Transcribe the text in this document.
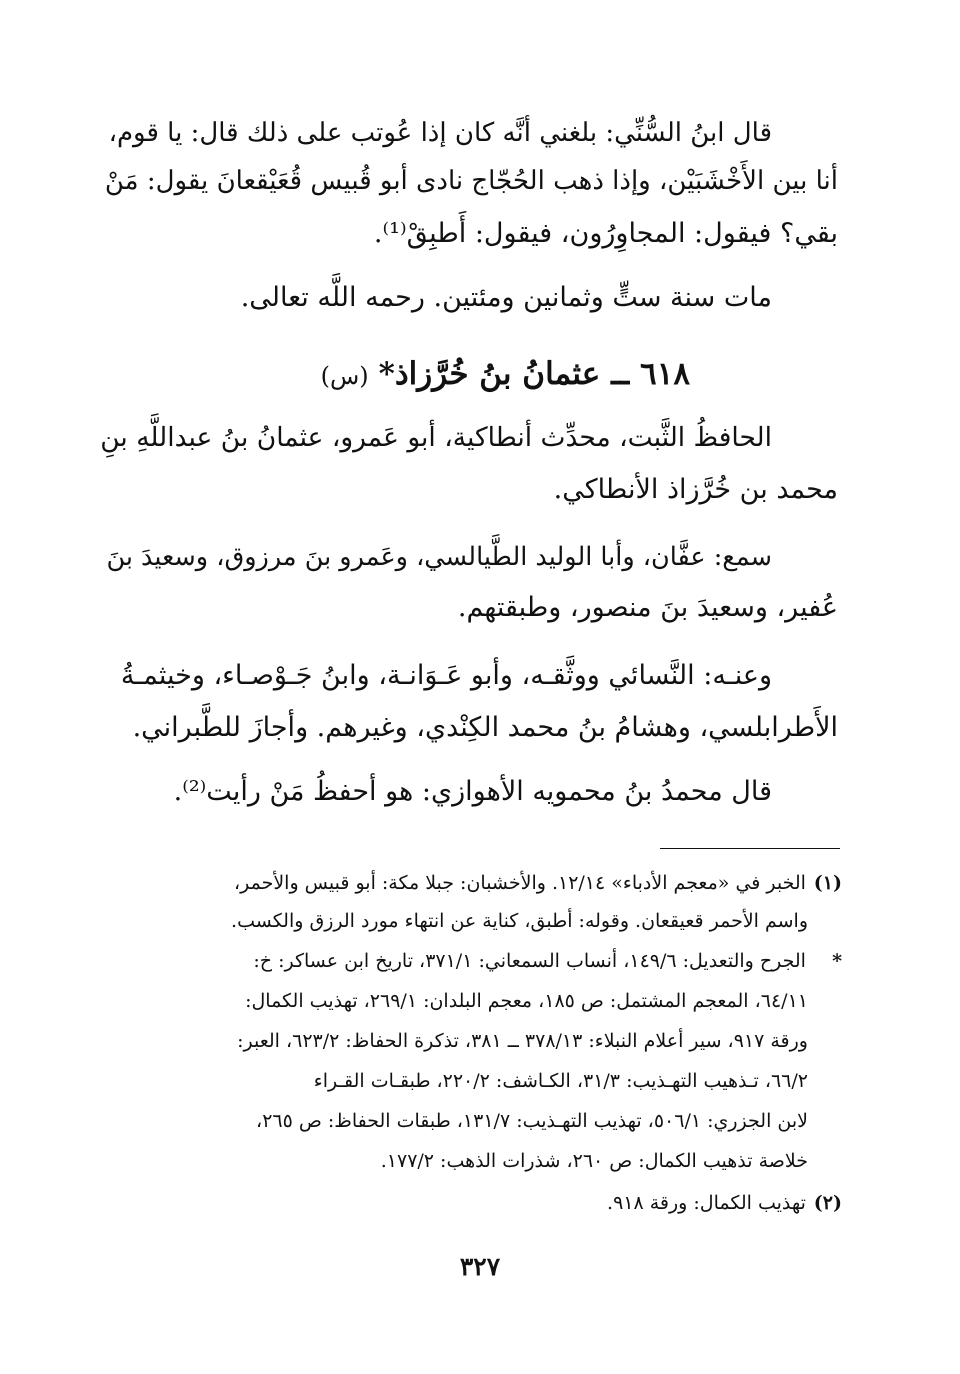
قال ابنُ السُّنِّي: بلغني أنَّه كان إذا عُوتب على ذلك قال: يا قوم،
أنا بين الأَخْشَبَيْن، وإذا ذهب الحُجّاج نادى أبو قُبيس قُعَيْقعانَ يقول: مَنْ
بقي؟ فيقول: المجاوِرُون، فيقول: أَطبِقْ⁽¹⁾.
مات سنة ستٍّ وثمانين ومئتين. رحمه اللَّه تعالى.
٦١٨ ــ عثمانُ بنُ خُرَّزاذ*(س)
الحافظُ الثَّبت، محدِّث أنطاكية، أبو عَمرو، عثمانُ بنُ عبداللَّهِ بنِ
محمد بن خُرَّزاذ الأنطاكي.
سمع: عفَّان، وأبا الوليد الطَّيالسي، وعَمرو بنَ مرزوق، وسعيدَ بنَ
عُفير، وسعيدَ بنَ منصور، وطبقتهم.
وعنـه: النَّسائي ووثَّقـه، وأبو عَـوَانـة، وابنُ جَـوْصـاء، وخيثمـةُ
الأَطرابلسي، وهشامُ بنُ محمد الكِنْدي، وغيرهم. وأجازَ للطَّبراني.
قال محمدُ بنُ محمويه الأهوازي: هو أحفظُ مَنْ رأيت⁽²⁾.
(١) الخبر في «معجم الأدباء» ١٢/١٤. والأخشبان: جبلا مكة: أبو قبيس والأحمر،
واسم الأحمر قعيقعان. وقوله: أطبق، كناية عن انتهاء مورد الرزق والكسب.
* الجرح والتعديل: ١٤٩/٦، أنساب السمعاني: ٣٧١/١، تاريخ ابن عساكر: خ:
٦٤/١١، المعجم المشتمل: ص ١٨٥، معجم البلدان: ٢٦٩/١، تهذيب الكمال:
ورقة ٩١٧، سير أعلام النبلاء: ٣٧٨/١٣ ــ ٣٨١، تذكرة الحفاظ: ٦٢٣/٢، العبر:
٦٦/٢، تـذهيب التهـذيب: ٣١/٣، الكـاشف: ٢٢٠/٢، طبقـات القـراء
لابن الجزري: ٥٠٦/١، تهذيب التهـذيب: ١٣١/٧، طبقات الحفاظ: ص ٢٦٥،
خلاصة تذهيب الكمال: ص ٢٦٠، شذرات الذهب: ١٧٧/٢.
(٢) تهذيب الكمال: ورقة ٩١٨.
٣٢٧
